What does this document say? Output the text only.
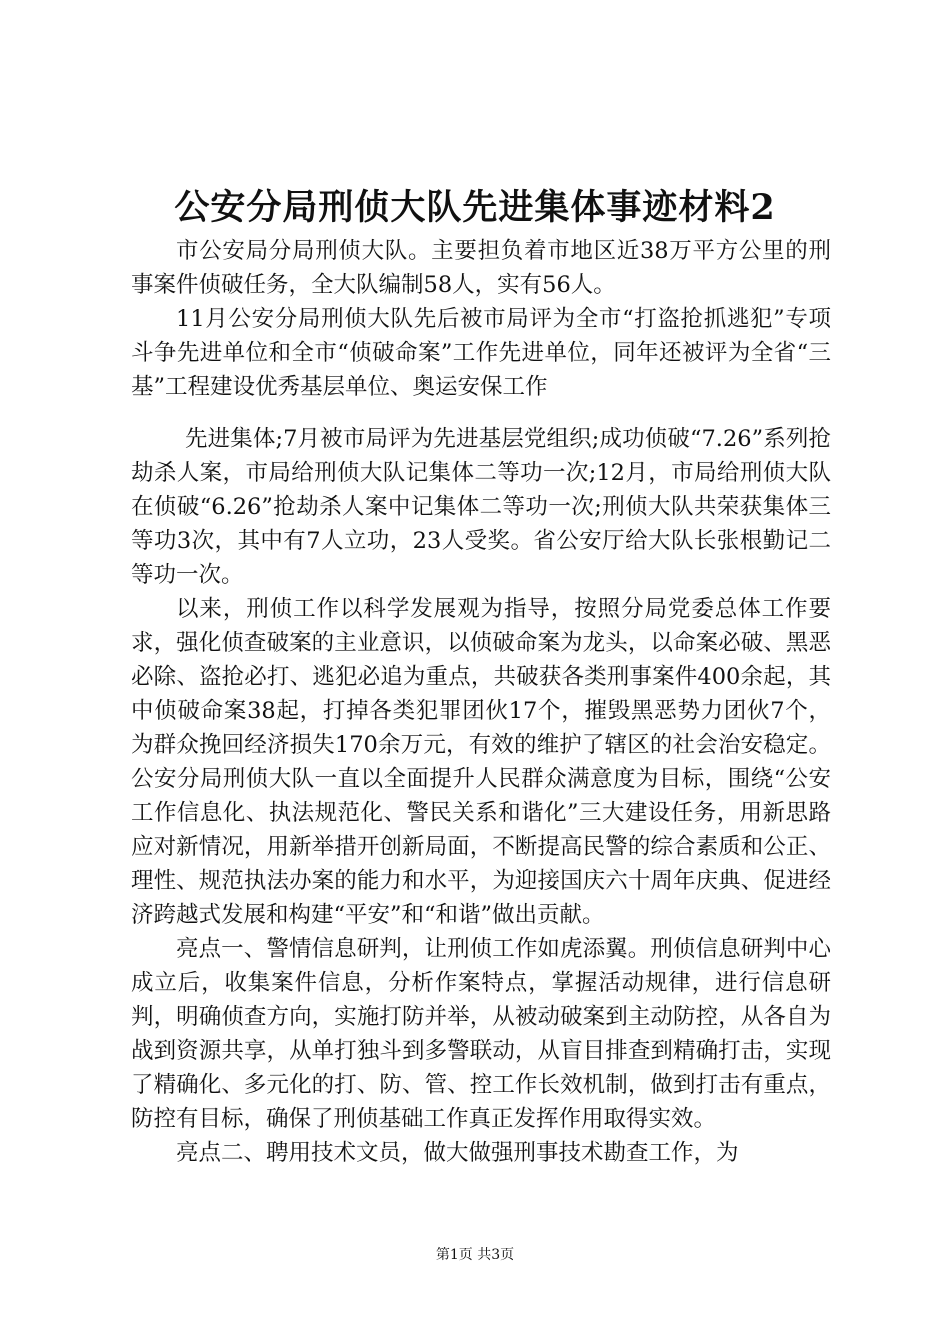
公安分局刑侦大队先进集体事迹材料2

市公安局分局刑侦大队。主要担负着市地区近38万平方公里的刑事案件侦破任务，全大队编制58人，实有56人。

11月公安分局刑侦大队先后被市局评为全市“打盗抢抓逃犯”专项斗争先进单位和全市“侦破命案”工作先进单位，同年还被评为全省“三基”工程建设优秀基层单位、奥运安保工作

先进集体;7月被市局评为先进基层党组织;成功侦破“7.26”系列抢劫杀人案，市局给刑侦大队记集体二等功一次;12月，市局给刑侦大队在侦破“6.26”抢劫杀人案中记集体二等功一次;刑侦大队共荣获集体三等功3次，其中有7人立功，23人受奖。省公安厅给大队长张根勤记二等功一次。

以来，刑侦工作以科学发展观为指导，按照分局党委总体工作要求，强化侦查破案的主业意识，以侦破命案为龙头，以命案必破、黑恶必除、盗抢必打、逃犯必追为重点，共破获各类刑事案件400余起，其中侦破命案38起，打掉各类犯罪团伙17个，摧毁黑恶势力团伙7个，为群众挽回经济损失170余万元，有效的维护了辖区的社会治安稳定。公安分局刑侦大队一直以全面提升人民群众满意度为目标，围绕“公安工作信息化、执法规范化、警民关系和谐化”三大建设任务，用新思路应对新情况，用新举措开创新局面，不断提高民警的综合素质和公正、理性、规范执法办案的能力和水平，为迎接国庆六十周年庆典、促进经济跨越式发展和构建“平安”和“和谐”做出贡献。

亮点一、警情信息研判，让刑侦工作如虎添翼。刑侦信息研判中心成立后，收集案件信息，分析作案特点，掌握活动规律，进行信息研判，明确侦查方向，实施打防并举，从被动破案到主动防控，从各自为战到资源共享，从单打独斗到多警联动，从盲目排查到精确打击，实现了精确化、多元化的打、防、管、控工作长效机制，做到打击有重点，防控有目标，确保了刑侦基础工作真正发挥作用取得实效。

亮点二、聘用技术文员，做大做强刑事技术勘查工作，为

第1页 共3页
